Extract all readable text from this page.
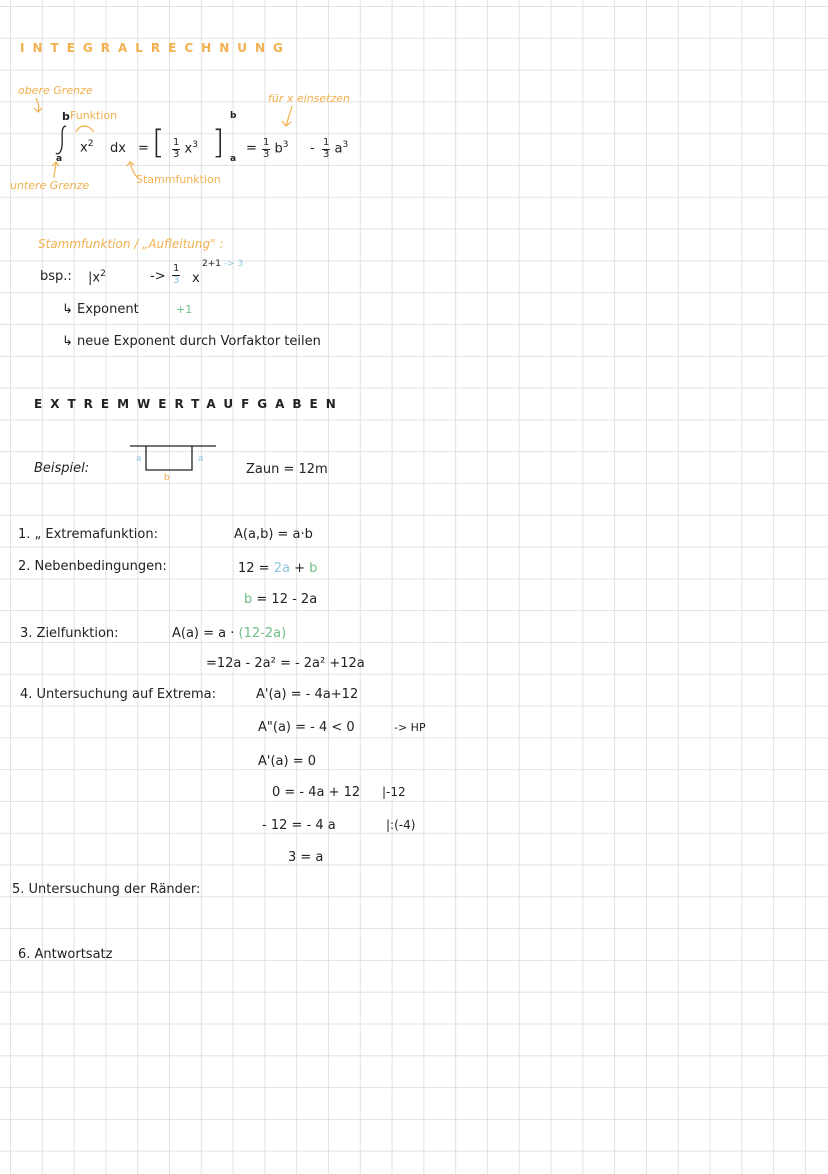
INTEGRALRECHNUNG
obere Grenze
Funktion
b
$x^2$ dx =
a	[ $\frac{1}{3} x^3$ ]
b
a
= $\frac{1}{3} b^3 - \frac{1}{3} a^3$
für x einsetzen
untere Grenze	Stammfunktion
Stammfunktion / „Aufleitung" :
bsp.: $|x^2$	-> $\frac{1}{3}$ x
2+1 -> 3
↳ Exponent	+1
↳ neue Exponent durch Vorfaktor teilen
EXTREMWERTAUFGABEN
Beispiel:
a	a
b
Zaun = 12m
1. „ Extremafunktion:	A(a,b) = a·b
2. Nebenbedingungen:	12 = 2a + b
b = 12 - 2a
3. Zielfunktion:	A(a) = a · (12-2a)
=12a - 2a² = - 2a² +12a
4. Untersuchung auf Extrema:	A'(a) = - 4a+12
A"(a) = - 4 < 0	-> HP
A'(a) = 0
0 = - 4a + 12 |-12
- 12 = - 4 a	|:(-4)
3 = a
5. Untersuchung der Ränder:
6. Antwortsatz
